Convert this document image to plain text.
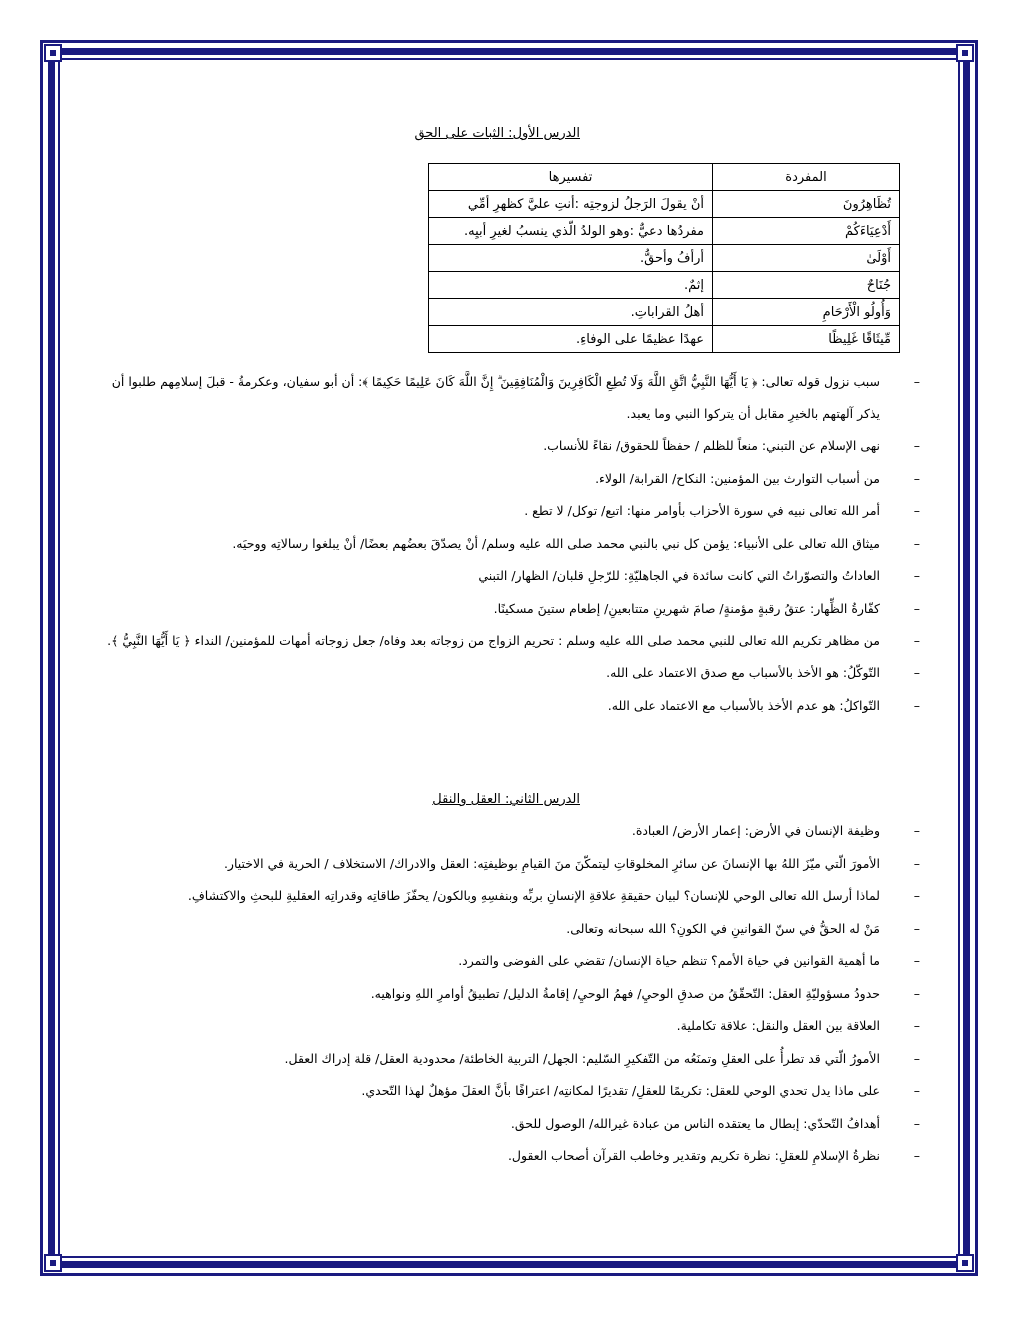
الدرس الأول: الثبات على الحق
المفردة	تفسيرها
تُظَاهِرُونَ	أنْ يقولَ الرَجلُ لزوجتِه :أنتِ عليَّ كظهرِ أمِّي
أَدْعِيَاءَكُمْ	مفردُها دعيٌّ :وهو الولدُ الّذي ينسبُ لغيرِ أبيِه.
أَوْلَىٰ	أرأفُ وأحقُّ.
جُنَاحٌ	إثمٌ.
وَأُولُو الْأَرْحَامِ	أهلُ القراباتِ.
مِّيثَاقًا غَلِيظًا	عهدًا عظيمًا على الوفاءِ.
–
سبب نزول قوله تعالى: ﴿ يَا أَيُّهَا النَّبِيُّ اتَّقِ اللَّهَ وَلَا تُطِعِ الْكَافِرِينَ وَالْمُنَافِقِينَ ۗ إِنَّ اللَّهَ كَانَ عَلِيمًا حَكِيمًا ﴾: أن أبو سفيان، وعكرمةُ - قبلَ إسلامِهم طلبوا أن يذكر آلهتهم بالخيرِ مقابل أن يتركوا النبي وما يعبد.
–
نهى الإسلام عن التبني: منعاً للظلم / حفظاً للحقوق/ نقاءً للأنساب.
–
من أسباب التوارث بين المؤمنين: النكاح/ القرابة/ الولاء.
–
أمر الله تعالى نبيه في سورة الأحزاب بأوامر منها: اتبع/ توكل/ لا تطع .
–
ميثاق الله تعالى على الأنبياء: يؤمن كل نبي بالنبي محمد صلى الله عليه وسلم/ أنْ يصدّقَ بعضُهم بعضًا/ أنْ يبلغوا رسالاتِه ووحيَه.
–
العاداتُ والتصوّراتُ التي كانت سائدة في الجاهليّةِ: للرّجلِ قلبان/ الظهار/ التبني
–
كفّارةُ الظِّهار: عتقُ رقبةٍ مؤمنةٍ/ صامَ شهرينِ متتابعينِ/ إطعام ستينَ مسكينًا.
–
من مظاهر تكريم الله تعالى للنبي محمد صلى الله عليه وسلم : تحريم الزواج من زوجاته بعد وفاه/ جعل زوجاته أمهات للمؤمنين/ النداء ﴿ يَا أَيُّهَا النَّبِيُّ ﴾.
–
التّوكّلُ: هو الأخذ بالأسباب مع صدق الاعتماد على الله.
–
التّواكلُ: هو عدم الأخذ بالأسباب مع الاعتماد على الله.
الدرس الثاني: العقل والنقل
–
وظيفة الإنسان في الأرض: إعمار الأرض/ العبادة.
–
الأمورَ الّتي ميّزَ اللهُ بها الإنسانَ عن سائرِ المخلوقاتِ ليتمكّنَ منَ القيامِ بوظيفتِه: العقل والادراك/ الاستخلاف / الحرية في الاختيار.
–
لماذا أرسل الله تعالى الوحي للإنسان؟ لبيان حقيقةِ علاقةِ الإنسانِ بربِّه وبنفسِهِ وبالكون/ يحفّزَ طاقاتِه وقدراتِه العقليةِ للبحثِ والاكتشافِ.
–
مَنْ له الحقُّ في سنّ القوانينِ في الكونِ؟ الله سبحانه وتعالى.
–
ما أهمية القوانين في حياة الأمم؟ تنظم حياة الإنسان/ تقضي على الفوضى والتمرد.
–
حدودُ مسؤوليّةِ العقل: التّحقّقُ من صدقِ الوحيِ/ فهمُ الوحيِ/ إقامةُ الدليل/ تطبيقُ أوامرِ اللهِ ونواهيه.
–
العلاقة بين العقل والنقل: علاقة تكاملية.
–
الأمورُ الّتي قد تطرأُ على العقلِ وتمنَعُه من التّفكيرِ السّليم: الجهل/ التربية الخاطئة/ محدودية العقل/ قلة إدراك العقل.
–
على ماذا يدل تحدي الوحي للعقل: تكريمًا للعقلِ/ تقديرًا لمكانتِه/ اعترافًا بأنَّ العقلَ مؤهلٌ لهذا التّحدي.
–
أهدافُ التّحدّي: إبطال ما يعتقده الناس من عبادة غيرالله/ الوصول للحق.
–
نظرةُ الإسلامِ للعقلِ: نظرة تكريم وتقدير وخاطب القرآن أصحاب العقول.
